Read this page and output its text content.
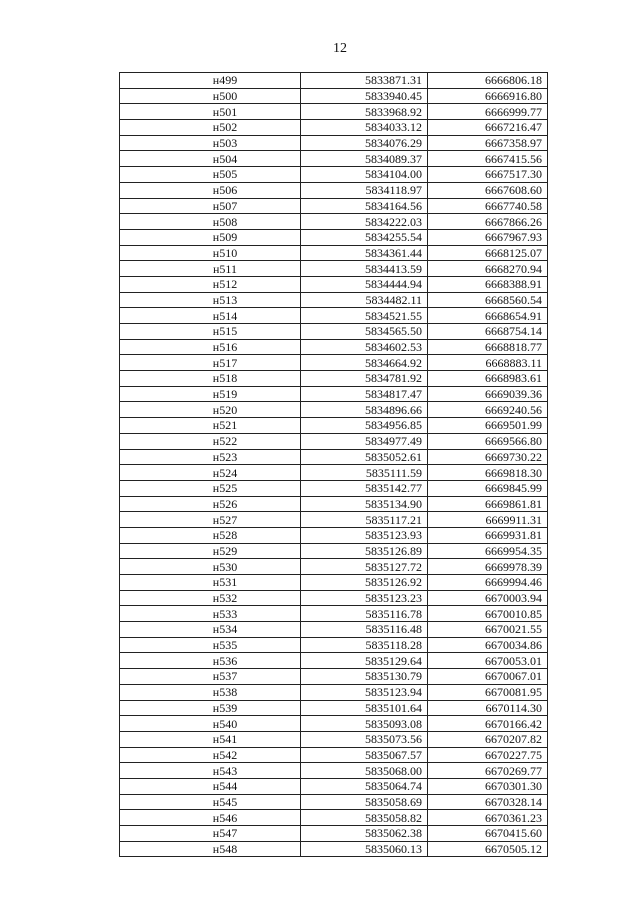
12
н499	5833871.31	6666806.18
н500	5833940.45	6666916.80
н501	5833968.92	6666999.77
н502	5834033.12	6667216.47
н503	5834076.29	6667358.97
н504	5834089.37	6667415.56
н505	5834104.00	6667517.30
н506	5834118.97	6667608.60
н507	5834164.56	6667740.58
н508	5834222.03	6667866.26
н509	5834255.54	6667967.93
н510	5834361.44	6668125.07
н511	5834413.59	6668270.94
н512	5834444.94	6668388.91
н513	5834482.11	6668560.54
н514	5834521.55	6668654.91
н515	5834565.50	6668754.14
н516	5834602.53	6668818.77
н517	5834664.92	6668883.11
н518	5834781.92	6668983.61
н519	5834817.47	6669039.36
н520	5834896.66	6669240.56
н521	5834956.85	6669501.99
н522	5834977.49	6669566.80
н523	5835052.61	6669730.22
н524	5835111.59	6669818.30
н525	5835142.77	6669845.99
н526	5835134.90	6669861.81
н527	5835117.21	6669911.31
н528	5835123.93	6669931.81
н529	5835126.89	6669954.35
н530	5835127.72	6669978.39
н531	5835126.92	6669994.46
н532	5835123.23	6670003.94
н533	5835116.78	6670010.85
н534	5835116.48	6670021.55
н535	5835118.28	6670034.86
н536	5835129.64	6670053.01
н537	5835130.79	6670067.01
н538	5835123.94	6670081.95
н539	5835101.64	6670114.30
н540	5835093.08	6670166.42
н541	5835073.56	6670207.82
н542	5835067.57	6670227.75
н543	5835068.00	6670269.77
н544	5835064.74	6670301.30
н545	5835058.69	6670328.14
н546	5835058.82	6670361.23
н547	5835062.38	6670415.60
н548	5835060.13	6670505.12
